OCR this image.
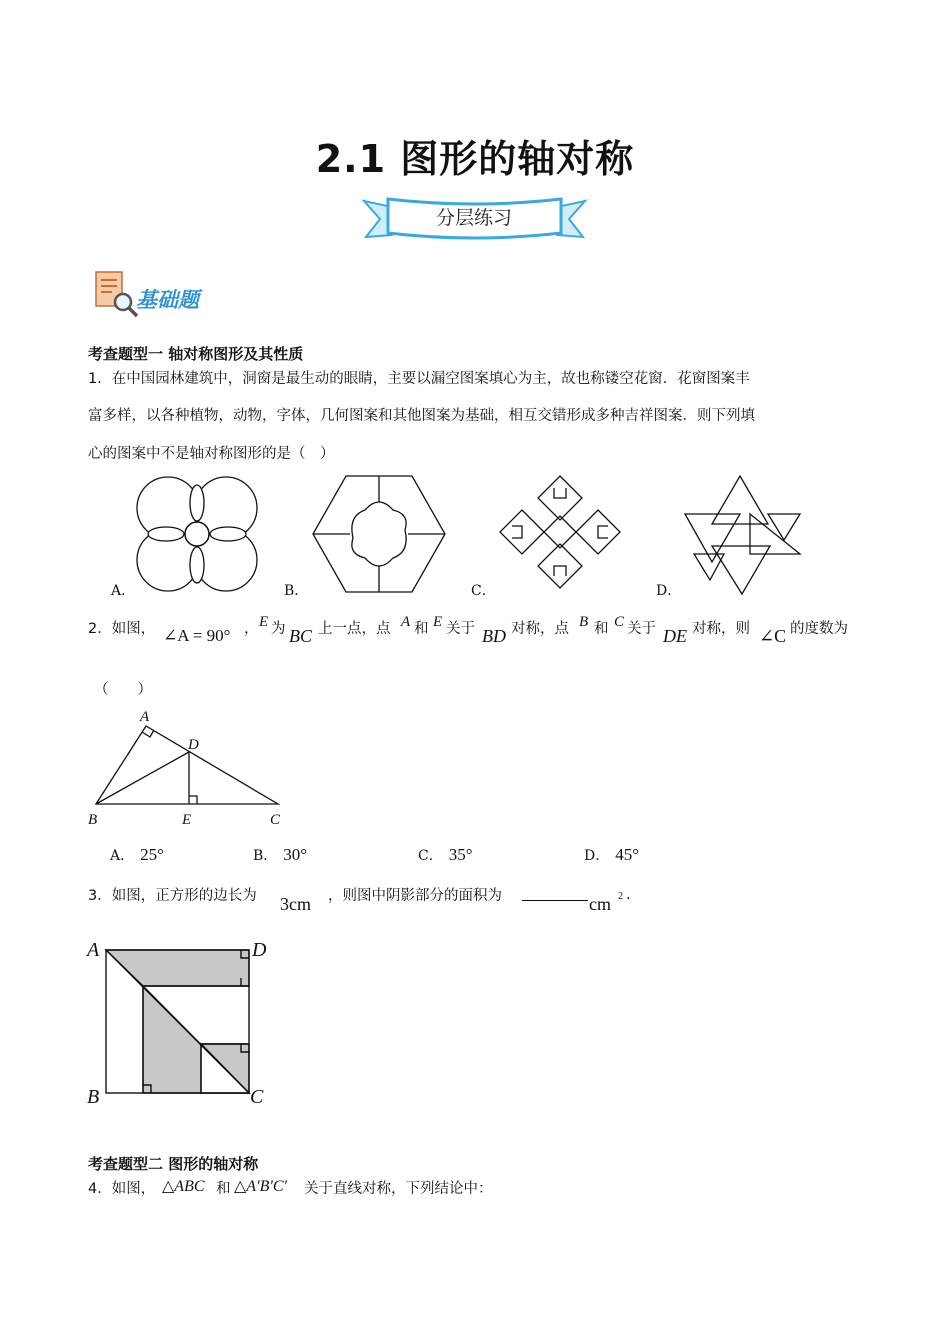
2.1 图形的轴对称
分层练习
基础题
考查题型一 轴对称图形及其性质
1．在中国园林建筑中，洞窗是最生动的眼睛，主要以漏空图案填心为主，故也称镂空花窗．花窗图案丰
富多样，以各种植物，动物，字体，几何图案和其他图案为基础，相互交错形成多种吉祥图案．则下列填
心的图案中不是轴对称图形的是（　）
A．	B．	C．	D．
2．如图， ∠A = 90° ， E 为 BC 上一点，点 A 和 E 关于 BD 对称，点 B 和 C 关于 DE 对称，则 ∠C 的度数为
（　　）
A
D
B	E	C
A． 25°	B． 30°	C． 35°	D． 45°
3．如图，正方形的边长为 3cm ，则图中阴影部分的面积为	cm 2 .
A	D
B	C
考查题型二 图形的轴对称
4．如图， △ABC 和 △A′B′C′ 关于直线对称，下列结论中：
